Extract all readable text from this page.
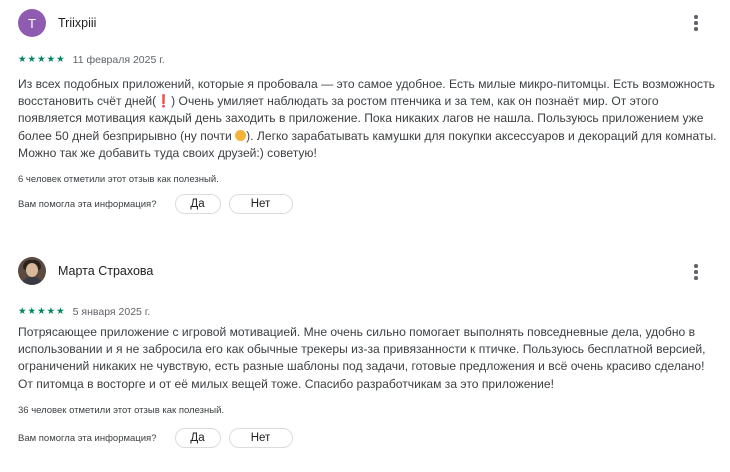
T Triixpiii
★ ★ ★ ★ ★ 11 февраля 2025 г.

Из всех подобных приложений, которые я пробовала — это самое удобное. Есть милые микро-питомцы. Есть возможность восстановить счёт дней(❗) Очень умиляет наблюдать за ростом птенчика и за тем, как он познаёт мир. От этого появляется мотивация каждый день заходить в приложение. Пока никаких лагов не нашла. Пользуюсь приложением уже более 50 дней безприрывно (ну почти ). Легко зарабатывать камушки для покупки аксессуаров и декораций для комнаты. Можно так же добавить туда своих друзей:) советую!

6 человек отметили этот отзыв как полезный.
Вам помогла эта информация?	Да	Нет
Марта Страхова
★ ★ ★ ★ ★ 5 января 2025 г.

Потрясающее приложение с игровой мотивацией. Мне очень сильно помогает выполнять повседневные дела, удобно в использовании и я не забросила его как обычные трекеры из-за привязанности к птичке. Пользуюсь бесплатной версией, ограничений никаких не чувствую, есть разные шаблоны под задачи, готовые предложения и всё очень красиво сделано! От питомца в восторге и от её милых вещей тоже. Спасибо разработчикам за это приложение!

36 человек отметили этот отзыв как полезный.
Вам помогла эта информация?	Да	Нет
